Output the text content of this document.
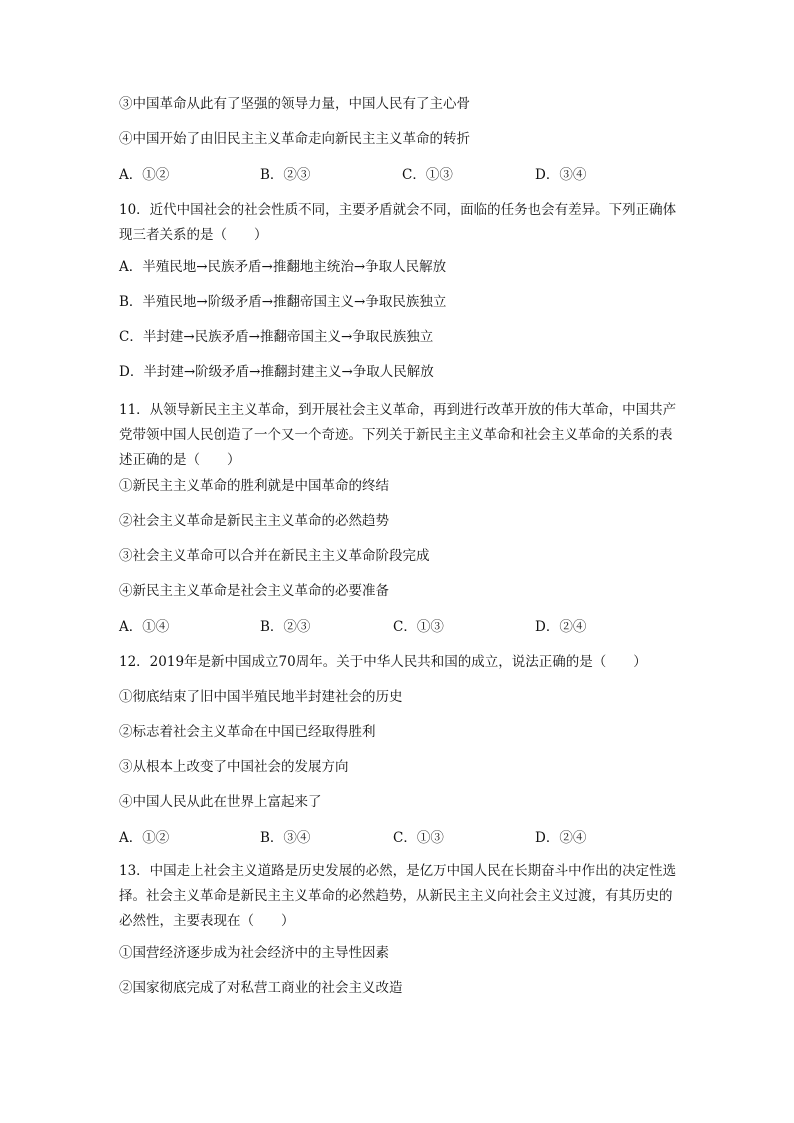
③中国革命从此有了坚强的领导力量，中国人民有了主心骨
④中国开始了由旧民主主义革命走向新民主主义革命的转折
A．①②	B．②③	C．①③	D．③④
10．近代中国社会的社会性质不同，主要矛盾就会不同，面临的任务也会有差异。下列正确体现三者关系的是（　　）
A．半殖民地→民族矛盾→推翻地主统治→争取人民解放
B．半殖民地→阶级矛盾→推翻帝国主义→争取民族独立
C．半封建→民族矛盾→推翻帝国主义→争取民族独立
D．半封建→阶级矛盾→推翻封建主义→争取人民解放
11．从领导新民主主义革命，到开展社会主义革命，再到进行改革开放的伟大革命，中国共产党带领中国人民创造了一个又一个奇迹。下列关于新民主主义革命和社会主义革命的关系的表述正确的是（　　）
①新民主主义革命的胜利就是中国革命的终结
②社会主义革命是新民主主义革命的必然趋势
③社会主义革命可以合并在新民主主义革命阶段完成
④新民主主义革命是社会主义革命的必要准备
A．①④	B．②③	C．①③	D．②④
12．2019年是新中国成立70周年。关于中华人民共和国的成立，说法正确的是（　　）
①彻底结束了旧中国半殖民地半封建社会的历史
②标志着社会主义革命在中国已经取得胜利
③从根本上改变了中国社会的发展方向
④中国人民从此在世界上富起来了
A．①②	B．③④	C．①③	D．②④
13．中国走上社会主义道路是历史发展的必然，是亿万中国人民在长期奋斗中作出的决定性选择。社会主义革命是新民主主义革命的必然趋势，从新民主主义向社会主义过渡，有其历史的必然性，主要表现在（　　）
①国营经济逐步成为社会经济中的主导性因素
②国家彻底完成了对私营工商业的社会主义改造
